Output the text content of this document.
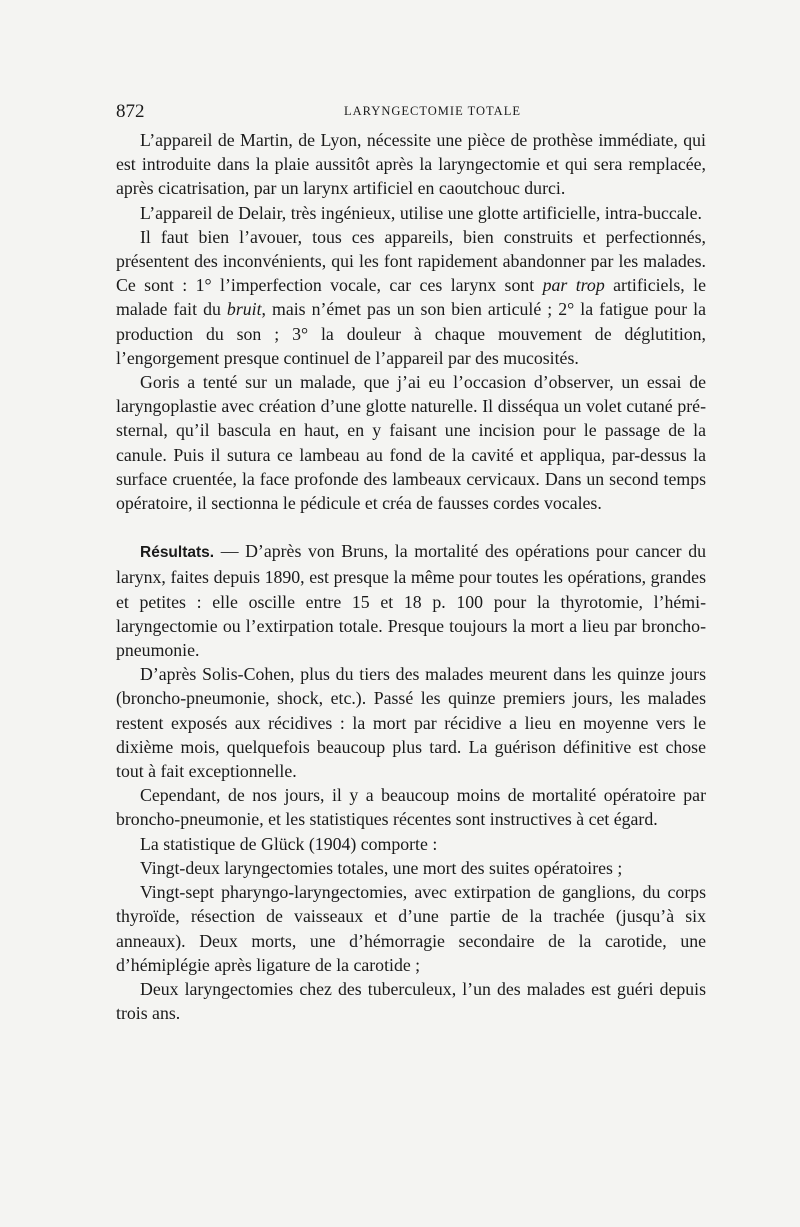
872	LARYNGECTOMIE TOTALE

L’appareil de Martin, de Lyon, nécessite une pièce de prothèse immédiate, qui est introduite dans la plaie aussitôt après la laryngectomie et qui sera remplacée, après cicatrisation, par un larynx artificiel en caoutchouc durci.

L’appareil de Delair, très ingénieux, utilise une glotte artificielle, intra-buccale.

Il faut bien l’avouer, tous ces appareils, bien construits et perfectionnés, présentent des inconvénients, qui les font rapidement abandonner par les malades. Ce sont : 1° l’imperfection vocale, car ces larynx sont par trop artificiels, le malade fait du bruit, mais n’émet pas un son bien articulé ; 2° la fatigue pour la production du son ; 3° la douleur à chaque mouvement de déglutition, l’engorgement presque continuel de l’appareil par des mucosités.

Goris a tenté sur un malade, que j’ai eu l’occasion d’observer, un essai de laryngoplastie avec création d’une glotte naturelle. Il disséqua un volet cutané pré-sternal, qu’il bascula en haut, en y faisant une incision pour le passage de la canule. Puis il sutura ce lambeau au fond de la cavité et appliqua, par-dessus la surface cruentée, la face profonde des lambeaux cervicaux. Dans un second temps opératoire, il sectionna le pédicule et créa de fausses cordes vocales.

Résultats. — D’après von Bruns, la mortalité des opérations pour cancer du larynx, faites depuis 1890, est presque la même pour toutes les opérations, grandes et petites : elle oscille entre 15 et 18 p. 100 pour la thyrotomie, l’hémi-laryngectomie ou l’extirpation totale. Presque toujours la mort a lieu par broncho-pneumonie.

D’après Solis-Cohen, plus du tiers des malades meurent dans les quinze jours (broncho-pneumonie, shock, etc.). Passé les quinze premiers jours, les malades restent exposés aux récidives : la mort par récidive a lieu en moyenne vers le dixième mois, quelquefois beaucoup plus tard. La guérison définitive est chose tout à fait exceptionnelle.

Cependant, de nos jours, il y a beaucoup moins de mortalité opératoire par broncho-pneumonie, et les statistiques récentes sont instructives à cet égard.

La statistique de Glück (1904) comporte :

Vingt-deux laryngectomies totales, une mort des suites opératoires ;

Vingt-sept pharyngo-laryngectomies, avec extirpation de ganglions, du corps thyroïde, résection de vaisseaux et d’une partie de la trachée (jusqu’à six anneaux). Deux morts, une d’hémorragie secondaire de la carotide, une d’hémiplégie après ligature de la carotide ;

Deux laryngectomies chez des tuberculeux, l’un des malades est guéri depuis trois ans.
